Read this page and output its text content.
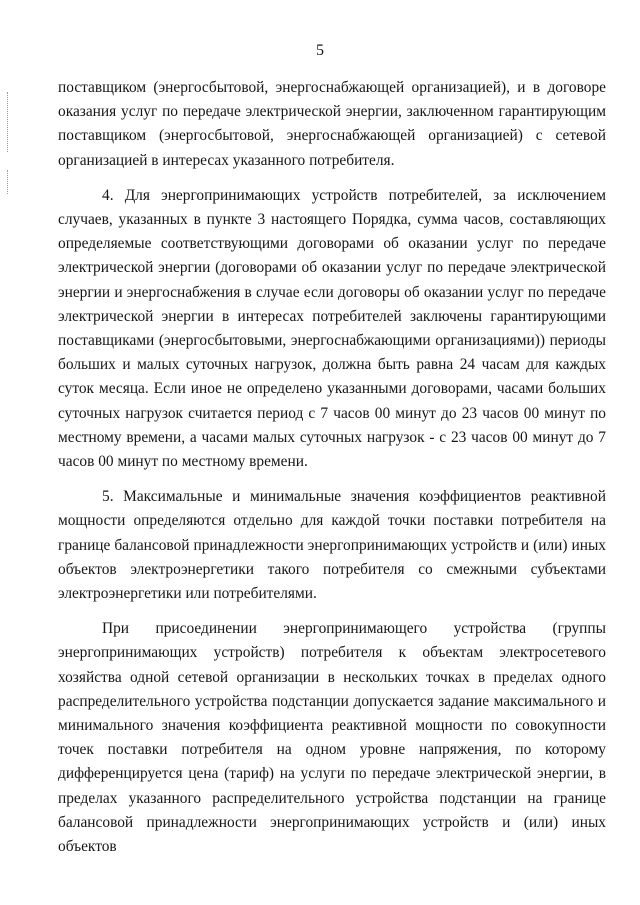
5

поставщиком (энергосбытовой, энергоснабжающей организацией), и в договоре оказания услуг по передаче электрической энергии, заключенном гарантирующим поставщиком (энергосбытовой, энергоснабжающей организацией) с сетевой организацией в интересах указанного потребителя.

4. Для энергопринимающих устройств потребителей, за исключением случаев, указанных в пункте 3 настоящего Порядка, сумма часов, составляющих определяемые соответствующими договорами об оказании услуг по передаче электрической энергии (договорами об оказании услуг по передаче электрической энергии и энергоснабжения в случае если договоры об оказании услуг по передаче электрической энергии в интересах потребителей заключены гарантирующими поставщиками (энергосбытовыми, энергоснабжающими организациями)) периоды больших и малых суточных нагрузок, должна быть равна 24 часам для каждых суток месяца. Если иное не определено указанными договорами, часами больших суточных нагрузок считается период с 7 часов 00 минут до 23 часов 00 минут по местному времени, а часами малых суточных нагрузок - с 23 часов 00 минут до 7 часов 00 минут по местному времени.

5. Максимальные и минимальные значения коэффициентов реактивной мощности определяются отдельно для каждой точки поставки потребителя на границе балансовой принадлежности энергопринимающих устройств и (или) иных объектов электроэнергетики такого потребителя со смежными субъектами электроэнергетики или потребителями.

При присоединении энергопринимающего устройства (группы энергопринимающих устройств) потребителя к объектам электросетевого хозяйства одной сетевой организации в нескольких точках в пределах одного распределительного устройства подстанции допускается задание максимального и минимального значения коэффициента реактивной мощности по совокупности точек поставки потребителя на одном уровне напряжения, по которому дифференцируется цена (тариф) на услуги по передаче электрической энергии, в пределах указанного распределительного устройства подстанции на границе балансовой принадлежности энергопринимающих устройств и (или) иных объектов
